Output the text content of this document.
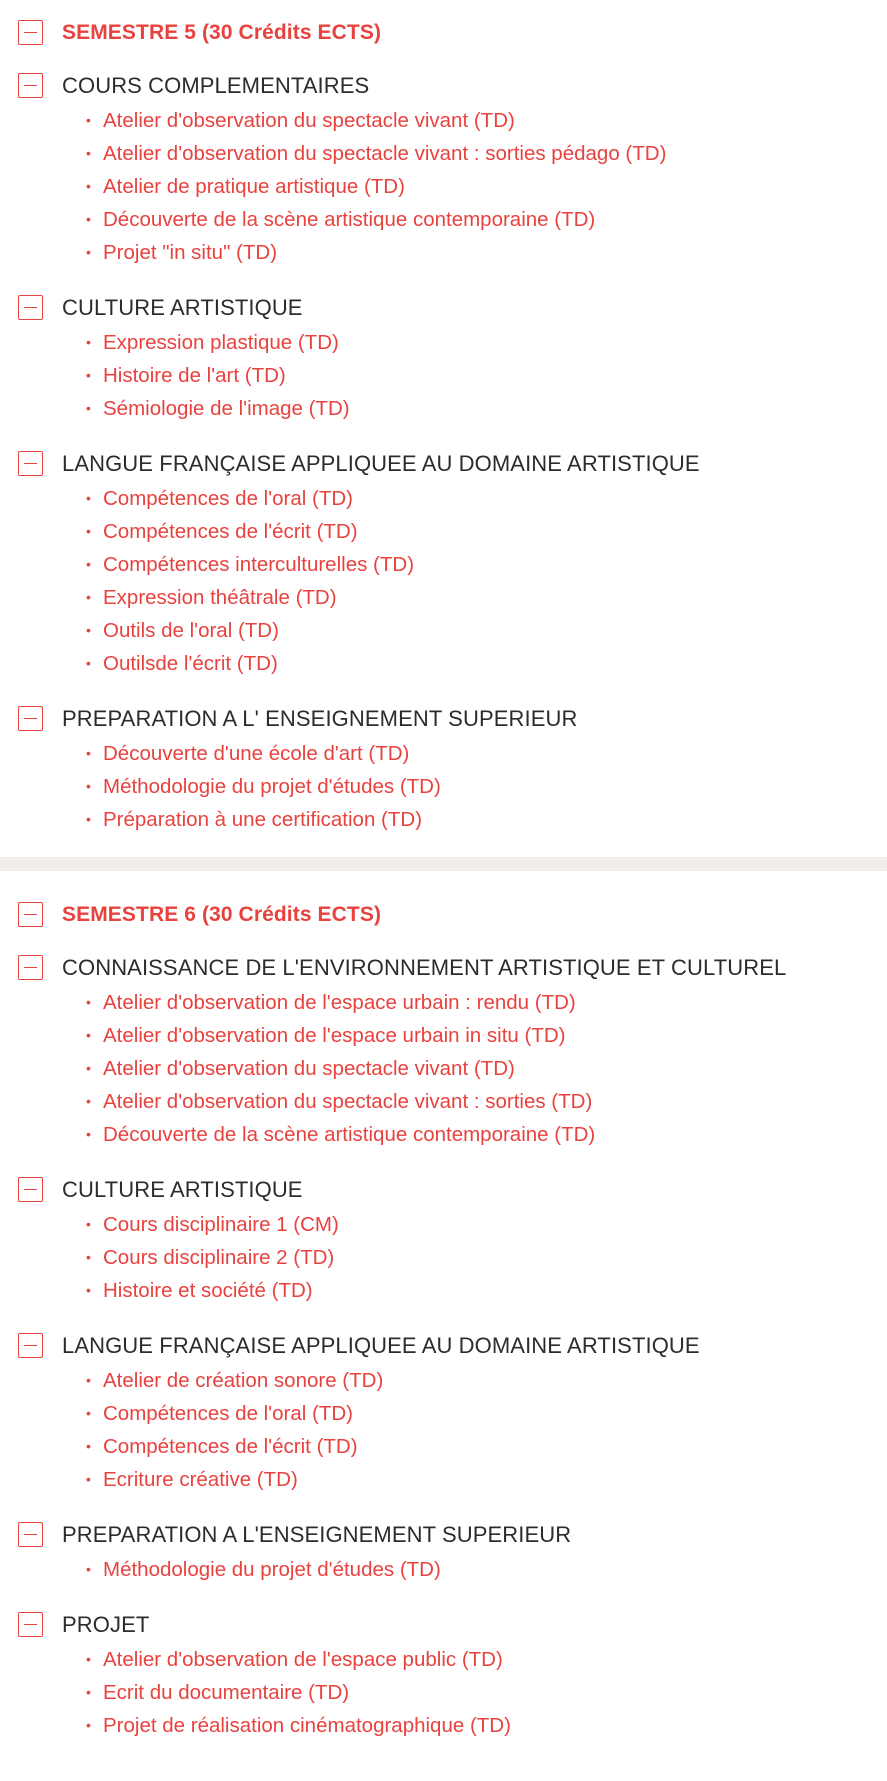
SEMESTRE 5 (30 Crédits ECTS)
COURS COMPLEMENTAIRES
• Atelier d'observation du spectacle vivant (TD)
• Atelier d'observation du spectacle vivant : sorties pédago (TD)
• Atelier de pratique artistique (TD)
• Découverte de la scène artistique contemporaine (TD)
• Projet "in situ" (TD)
CULTURE ARTISTIQUE
• Expression plastique (TD)
• Histoire de l'art (TD)
• Sémiologie de l'image (TD)
LANGUE FRANÇAISE APPLIQUEE AU DOMAINE ARTISTIQUE
• Compétences de l'oral (TD)
• Compétences de l'écrit (TD)
• Compétences interculturelles (TD)
• Expression théâtrale (TD)
• Outils de l'oral (TD)
• Outilsde l'écrit (TD)
PREPARATION A L' ENSEIGNEMENT SUPERIEUR
• Découverte d'une école d'art (TD)
• Méthodologie du projet d'études (TD)
• Préparation à une certification (TD)
SEMESTRE 6 (30 Crédits ECTS)
CONNAISSANCE DE L'ENVIRONNEMENT ARTISTIQUE ET CULTUREL
• Atelier d'observation de l'espace urbain : rendu (TD)
• Atelier d'observation de l'espace urbain in situ (TD)
• Atelier d'observation du spectacle vivant (TD)
• Atelier d'observation du spectacle vivant : sorties (TD)
• Découverte de la scène artistique contemporaine (TD)
CULTURE ARTISTIQUE
• Cours disciplinaire 1 (CM)
• Cours disciplinaire 2 (TD)
• Histoire et société (TD)
LANGUE FRANÇAISE APPLIQUEE AU DOMAINE ARTISTIQUE
• Atelier de création sonore (TD)
• Compétences de l'oral (TD)
• Compétences de l'écrit (TD)
• Ecriture créative (TD)
PREPARATION A L'ENSEIGNEMENT SUPERIEUR
• Méthodologie du projet d'études (TD)
PROJET
• Atelier d'observation de l'espace public (TD)
• Ecrit du documentaire (TD)
• Projet de réalisation cinématographique (TD)
